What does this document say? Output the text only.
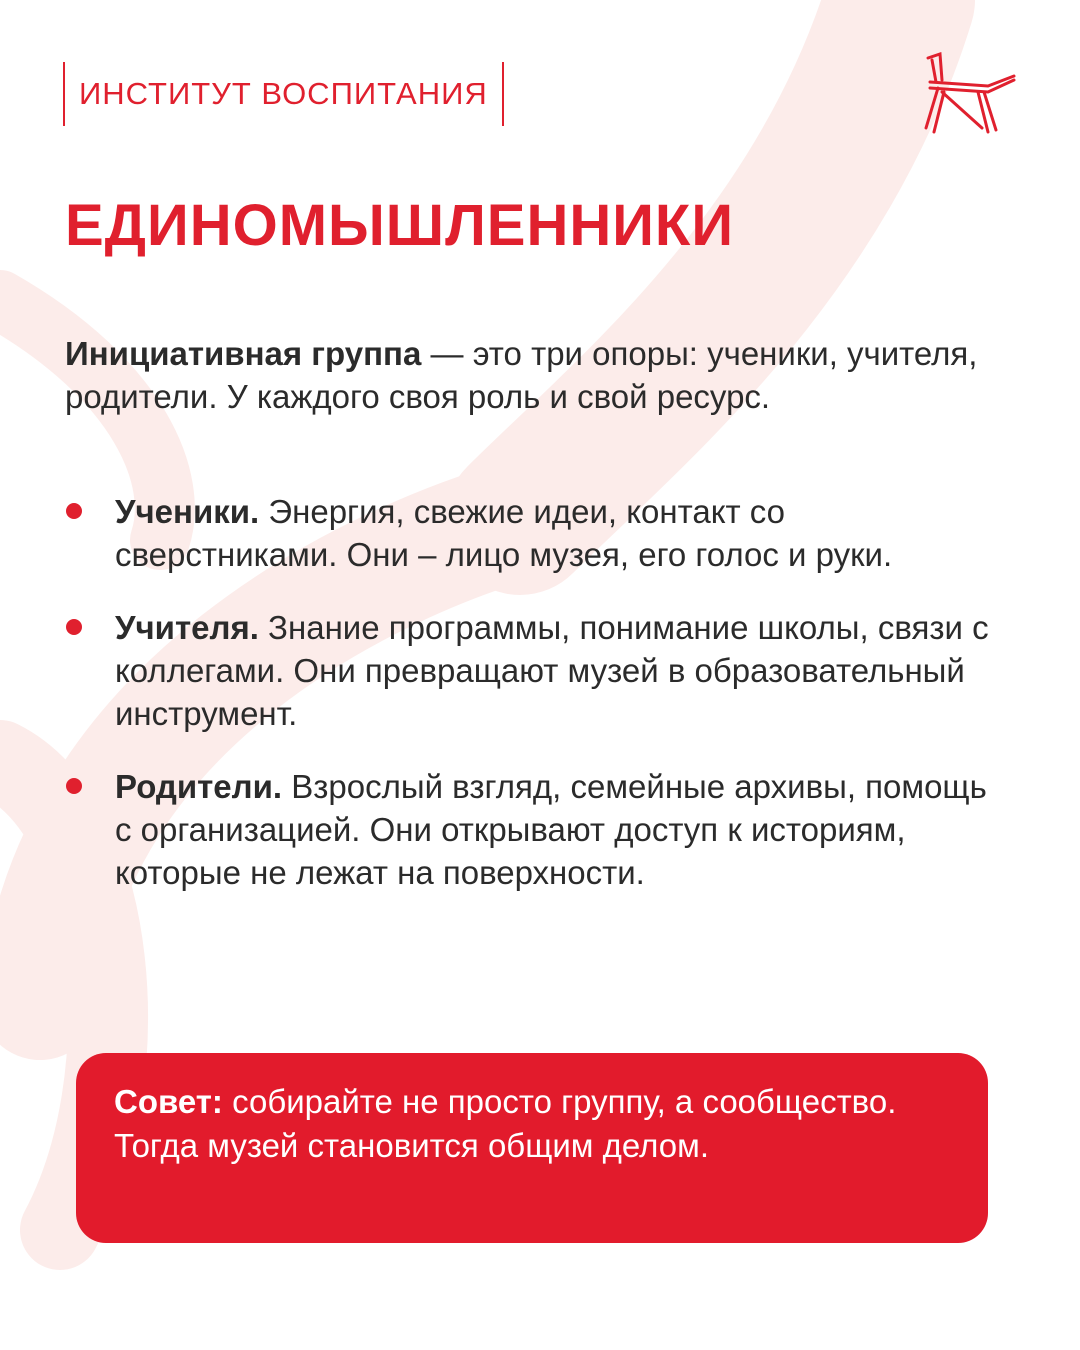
ИНСТИТУТ ВОСПИТАНИЯ
ЕДИНОМЫШЛЕННИКИ
Инициативная группа — это три опоры: ученики, учителя, родители. У каждого своя роль и свой ресурс.
Ученики. Энергия, свежие идеи, контакт со сверстниками. Они – лицо музея, его голос и руки.
Учителя. Знание программы, понимание школы, связи с коллегами. Они превращают музей в образовательный инструмент.
Родители. Взрослый взгляд, семейные архивы, помощь с организацией. Они открывают доступ к историям, которые не лежат на поверхности.
Совет: собирайте не просто группу, а сообщество. Тогда музей становится общим делом.
